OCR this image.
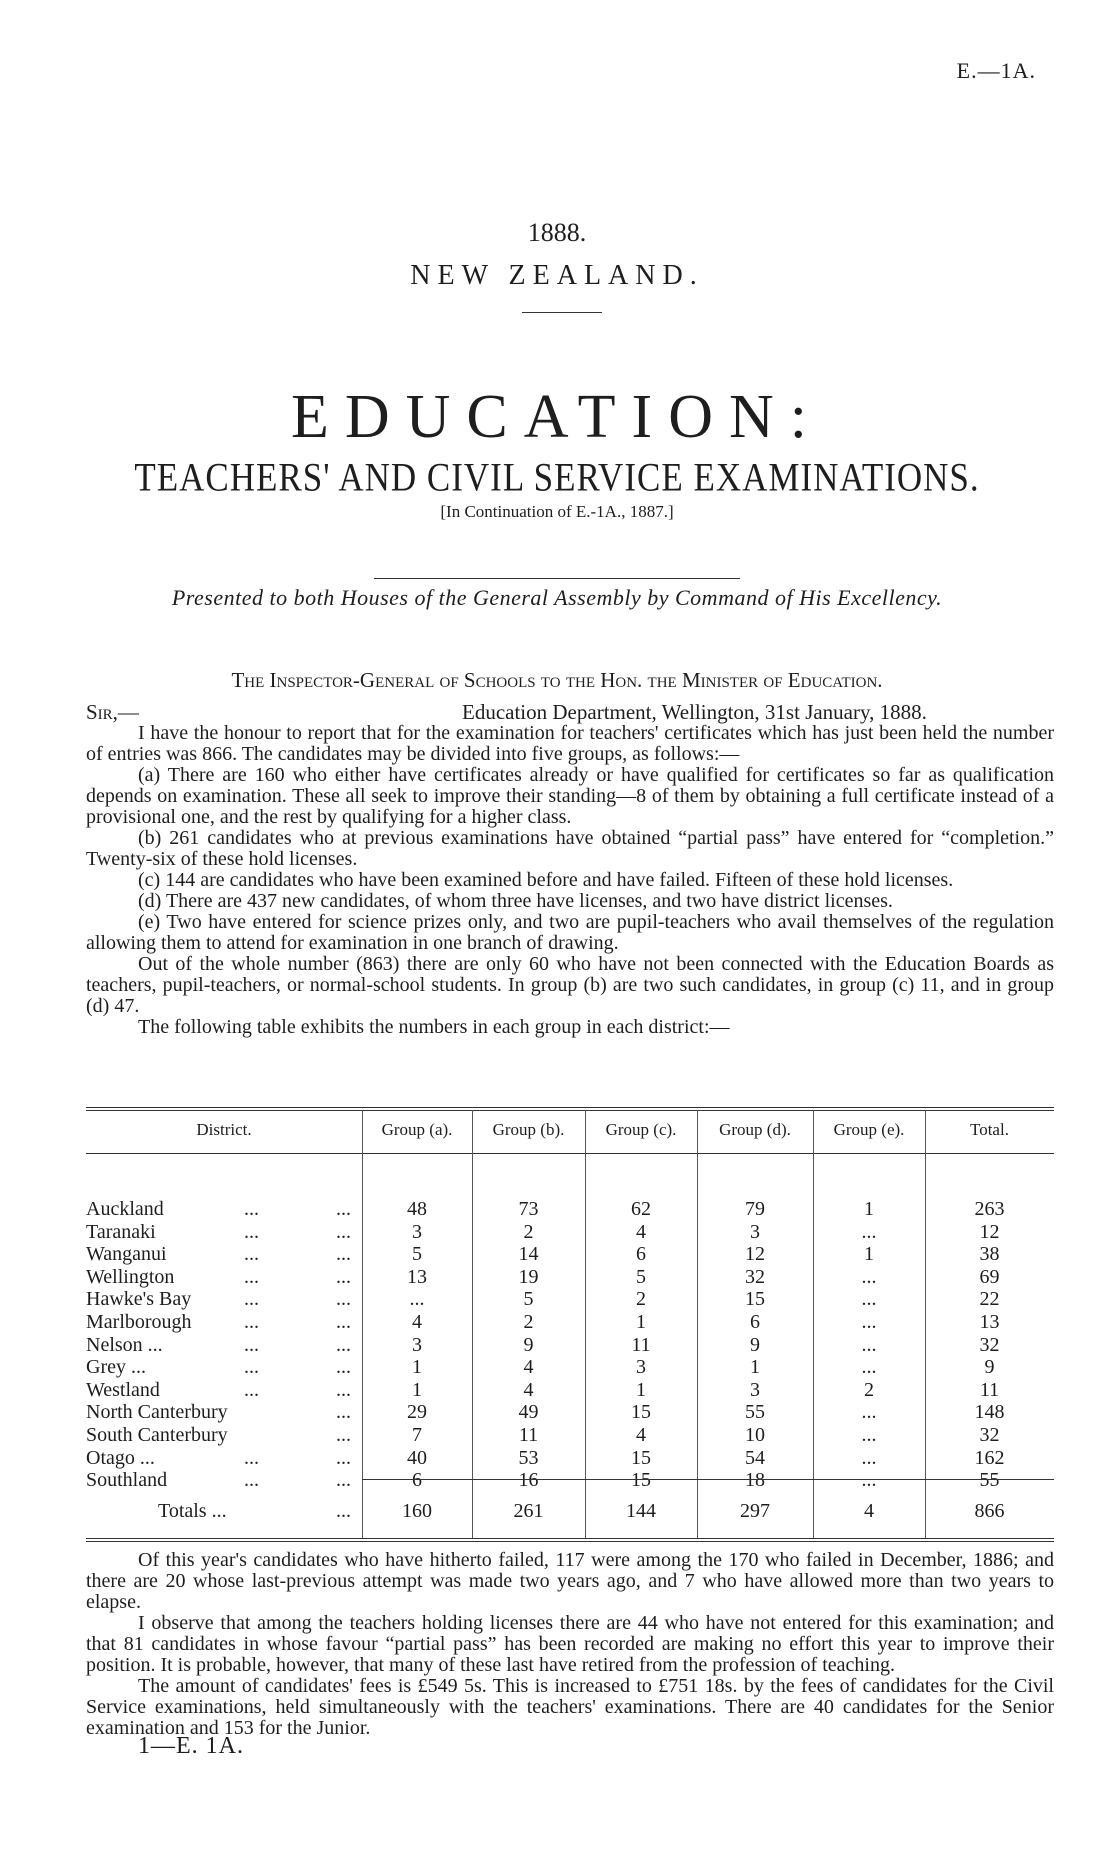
E.—1A.
1888.
NEW ZEALAND.
EDUCATION:
TEACHERS' AND CIVIL SERVICE EXAMINATIONS.
[In Continuation of E.-1A., 1887.]
Presented to both Houses of the General Assembly by Command of His Excellency.
The Inspector-General of Schools to the Hon. the Minister of Education.
Sir,—	Education Department, Wellington, 31st January, 1888.

I have the honour to report that for the examination for teachers' certificates which has just been held the number of entries was 866. The candidates may be divided into five groups, as follows:—

(a) There are 160 who either have certificates already or have qualified for certificates so far as qualification depends on examination. These all seek to improve their standing—8 of them by obtaining a full certificate instead of a provisional one, and the rest by qualifying for a higher class.

(b) 261 candidates who at previous examinations have obtained “partial pass” have entered for “completion.” Twenty-six of these hold licenses.

(c) 144 are candidates who have been examined before and have failed. Fifteen of these hold licenses.

(d) There are 437 new candidates, of whom three have licenses, and two have district licenses.

(e) Two have entered for science prizes only, and two are pupil-teachers who avail themselves of the regulation allowing them to attend for examination in one branch of drawing.

Out of the whole number (863) there are only 60 who have not been connected with the Education Boards as teachers, pupil-teachers, or normal-school students. In group (b) are two such candidates, in group (c) 11, and in group (d) 47.

The following table exhibits the numbers in each group in each district:—

District.	Group (a).	Group (b).	Group (c).	Group (d).	Group (e).	Total.
Auckland	...	...	48	73	62	79	1	263
Taranaki	...	...	3	2	4	3	...	12
Wanganui	...	...	5	14	6	12	1	38
Wellington	...	...	13	19	5	32	...	69
Hawke's Bay	...	...	...	5	2	15	...	22
Marlborough	...	...	4	2	1	6	...	13
Nelson ...	...	...	3	9	11	9	...	32
Grey ...	...	...	1	4	3	1	...	9
Westland	...	...	1	4	1	3	2	11
North Canterbury	...	29	49	15	55	...	148
South Canterbury	...	7	11	4	10	...	32
Otago ...	...	...	40	53	15	54	...	162
Southland	...	...	6	16	15	18	...	55
Totals ...	...	160	261	144	297	4	866

Of this year's candidates who have hitherto failed, 117 were among the 170 who failed in December, 1886; and there are 20 whose last-previous attempt was made two years ago, and 7 who have allowed more than two years to elapse.

I observe that among the teachers holding licenses there are 44 who have not entered for this examination; and that 81 candidates in whose favour “partial pass” has been recorded are making no effort this year to improve their position. It is probable, however, that many of these last have retired from the profession of teaching.

The amount of candidates' fees is £549 5s. This is increased to £751 18s. by the fees of candidates for the Civil Service examinations, held simultaneously with the teachers' examinations. There are 40 candidates for the Senior examination and 153 for the Junior.

1—E. 1A.
